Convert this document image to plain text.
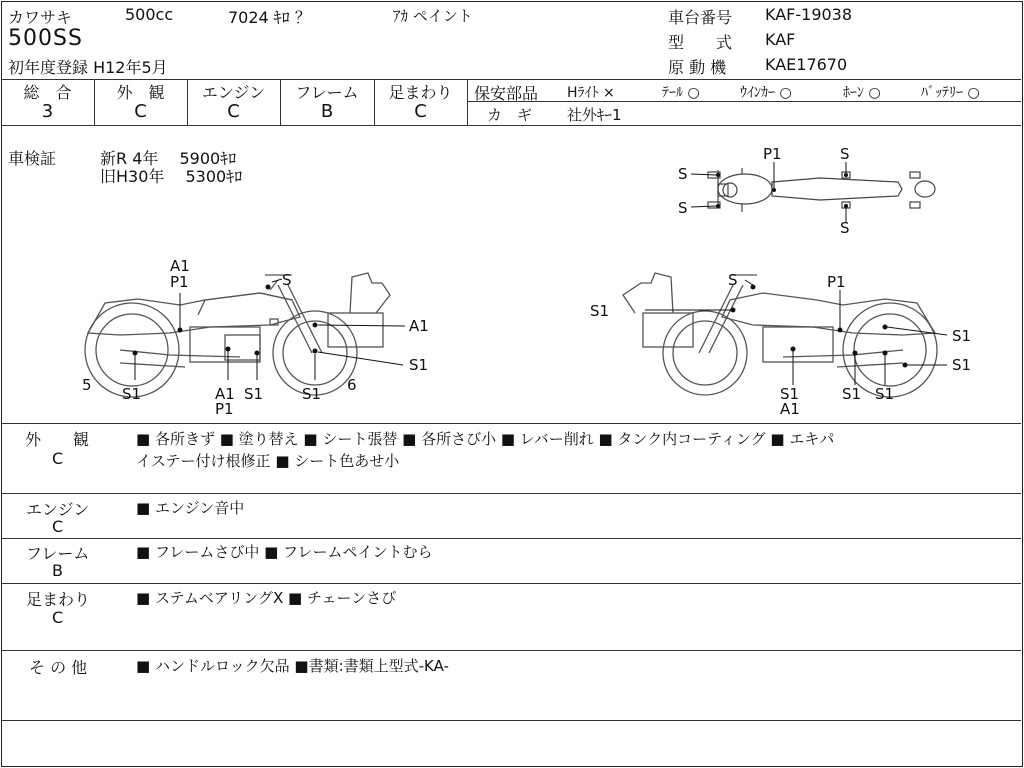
カワサキ	500cc	7024 ｷﾛ ？	ｱｶ ペイント
500SS
初年度登録 H12年5月
車台番号 KAF-19038
型　　式 KAF
原 動 機 KAE17670
総　合	外　観	エンジン	フレーム	足まわり
3	C	C	B	C
保安部品 Hﾗｲﾄ ×	ﾃｰﾙ ○	ｳｲﾝｶｰ ○	ﾎｰﾝ ○	ﾊﾞｯﾃﾘｰ ○
カ　ギ 社外ｷｰ1
車検証	新R 4年　 5900ｷﾛ
旧H30年　 5300ｷﾛ
P1	S
S
S
S
A1
P1	S
A1
S1
5 S1	A1
P1
S1	S1 6
S	P1
S1
S1
S1
S1	S1
A1
S1
外　　観
C
■ 各所きず ■ 塗り替え ■ シート張替 ■ 各所さび小 ■ レバー削れ ■ タンク内コーティング ■ エキパ
イステー付け根修正 ■ シート色あせ小
エンジン
C
■ エンジン音中
フレーム
B
■ フレームさび中 ■ フレームペイントむら
足まわり
C
■ ステムベアリングX ■ チェーンさび
そ の 他	■ ハンドルロック欠品 ■書類:書類上型式-KA-
